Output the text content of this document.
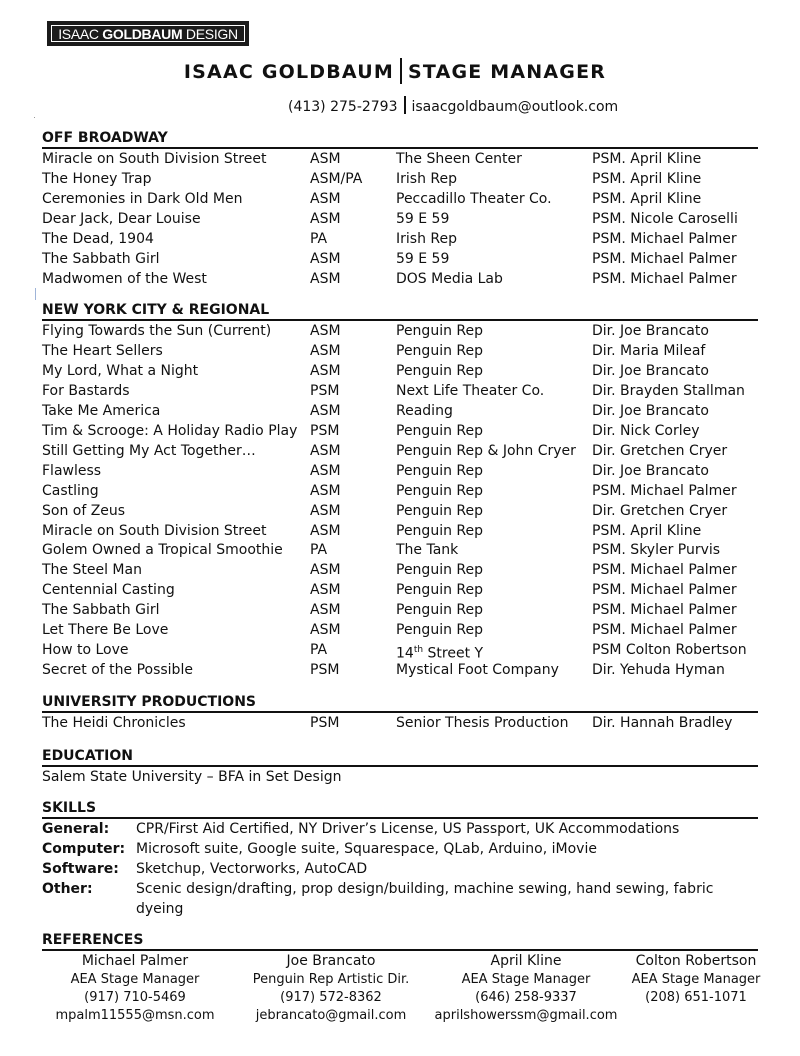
ISAAC GOLDBAUM DESIGN
ISAAC GOLDBAUM STAGE MANAGER
(413) 275-2793 isaacgoldbaum@outlook.com
OFF BROADWAY
Miracle on South Division Street	ASM	The Sheen Center	PSM. April Kline
The Honey Trap	ASM/PA Irish Rep	PSM. April Kline
Ceremonies in Dark Old Men	ASM	Peccadillo Theater Co.	PSM. April Kline
Dear Jack, Dear Louise	ASM	59 E 59	PSM. Nicole Caroselli
The Dead, 1904	PA	Irish Rep	PSM. Michael Palmer
The Sabbath Girl	ASM	59 E 59	PSM. Michael Palmer
Madwomen of the West	ASM	DOS Media Lab	PSM. Michael Palmer
NEW YORK CITY & REGIONAL
Flying Towards the Sun (Current)	ASM	Penguin Rep	Dir. Joe Brancato
The Heart Sellers	ASM	Penguin Rep	Dir. Maria Mileaf
My Lord, What a Night	ASM	Penguin Rep	Dir. Joe Brancato
For Bastards	PSM	Next Life Theater Co.	Dir. Brayden Stallman
Take Me America	ASM	Reading	Dir. Joe Brancato
Tim & Scrooge: A Holiday Radio Play PSM	Penguin Rep	Dir. Nick Corley
Still Getting My Act Together…	ASM	Penguin Rep & John Cryer Dir. Gretchen Cryer
Flawless	ASM	Penguin Rep	Dir. Joe Brancato
Castling	ASM	Penguin Rep	PSM. Michael Palmer
Son of Zeus	ASM	Penguin Rep	Dir. Gretchen Cryer
Miracle on South Division Street	ASM	Penguin Rep	PSM. April Kline
Golem Owned a Tropical Smoothie PA	The Tank	PSM. Skyler Purvis
The Steel Man	ASM	Penguin Rep	PSM. Michael Palmer
Centennial Casting	ASM	Penguin Rep	PSM. Michael Palmer
The Sabbath Girl	ASM	Penguin Rep	PSM. Michael Palmer
Let There Be Love	ASM	Penguin Rep	PSM. Michael Palmer
How to Love	PA	14th Street Y	PSM Colton Robertson
Secret of the Possible	PSM	Mystical Foot Company Dir. Yehuda Hyman
UNIVERSITY PRODUCTIONS
The Heidi Chronicles	PSM	Senior Thesis Production Dir. Hannah Bradley
EDUCATION
Salem State University – BFA in Set Design
SKILLS
General: CPR/First Aid Certified, NY Driver’s License, US Passport, UK Accommodations
Computer: Microsoft suite, Google suite, Squarespace, QLab, Arduino, iMovie
Software: Sketchup, Vectorworks, AutoCAD
Other:	Scenic design/drafting, prop design/building, machine sewing, hand sewing, fabric dyeing
REFERENCES
Michael Palmer
AEA Stage Manager
(917) 710-5469
mpalm11555@msn.com
Joe Brancato
Penguin Rep Artistic Dir.
(917) 572-8362
jebrancato@gmail.com
April Kline
AEA Stage Manager
(646) 258-9337
aprilshowerssm@gmail.com
Colton Robertson
AEA Stage Manager
(208) 651-1071
